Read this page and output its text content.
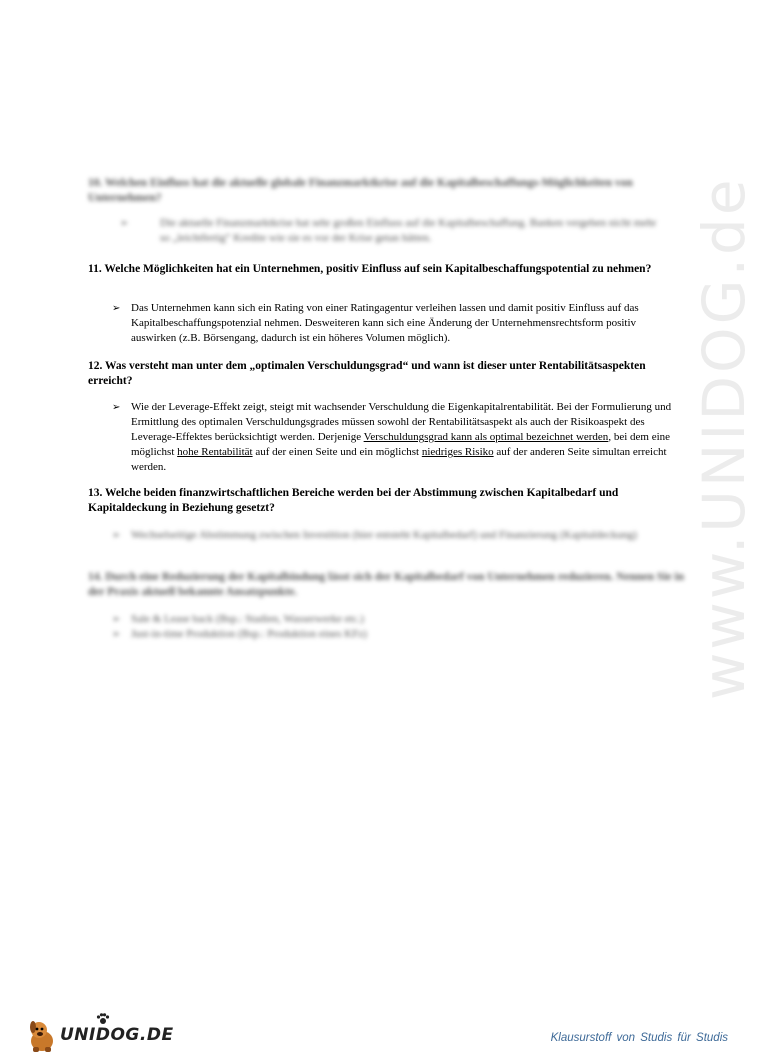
www.UNIDOG.de
10. Welchen Einfluss hat die aktuelle globale Finanzmarktkrise auf die Kapitalbeschaffungs-Möglichkeiten von Unternehmen?
➢	Die aktuelle Finanzmarktkrise hat sehr großen Einfluss auf die Kapitalbeschaffung. Banken vergeben nicht mehr so „leichtfertig“ Kredite wie sie es vor der Krise getan hätten.
11. Welche Möglichkeiten hat ein Unternehmen, positiv Einfluss auf sein Kapitalbeschaffungspotential zu nehmen?
➢ Das Unternehmen kann sich ein Rating von einer Ratingagentur verleihen lassen und damit positiv Einfluss auf das Kapitalbeschaffungspotenzial nehmen. Desweiteren kann sich eine Änderung der Unternehmensrechtsform positiv auswirken (z.B. Börsengang, dadurch ist ein höheres Volumen möglich).
12. Was versteht man unter dem „optimalen Verschuldungsgrad“ und wann ist dieser unter Rentabilitätsaspekten erreicht?
➢ Wie der Leverage-Effekt zeigt, steigt mit wachsender Verschuldung die Eigenkapitalrentabilität. Bei der Formulierung und Ermittlung des optimalen Verschuldungsgrades müssen sowohl der Rentabilitätsaspekt als auch der Risikoaspekt des Leverage-Effektes berücksichtigt werden. Derjenige Verschuldungsgrad kann als optimal bezeichnet werden, bei dem eine möglichst hohe Rentabilität auf der einen Seite und ein möglichst niedriges Risiko auf der anderen Seite simultan erreicht werden.
13. Welche beiden finanzwirtschaftlichen Bereiche werden bei der Abstimmung zwischen Kapitalbedarf und Kapitaldeckung in Beziehung gesetzt?
➢ Wechselseitige Abstimmung zwischen Investition (hier entsteht Kapitalbedarf) und Finanzierung (Kapitaldeckung)
14. Durch eine Reduzierung der Kapitalbindung lässt sich der Kapitalbedarf von Unternehmen reduzieren. Nennen Sie in der Praxis aktuell bekannte Ansatzpunkte.
➢ Sale & Lease back (Bsp.: Stadien, Wasserwerke etc.)
➢ Just-in-time Produktion (Bsp.: Produktion eines KFz)
UNIDOG.DE	Klausurstoff von Studis für Studis
